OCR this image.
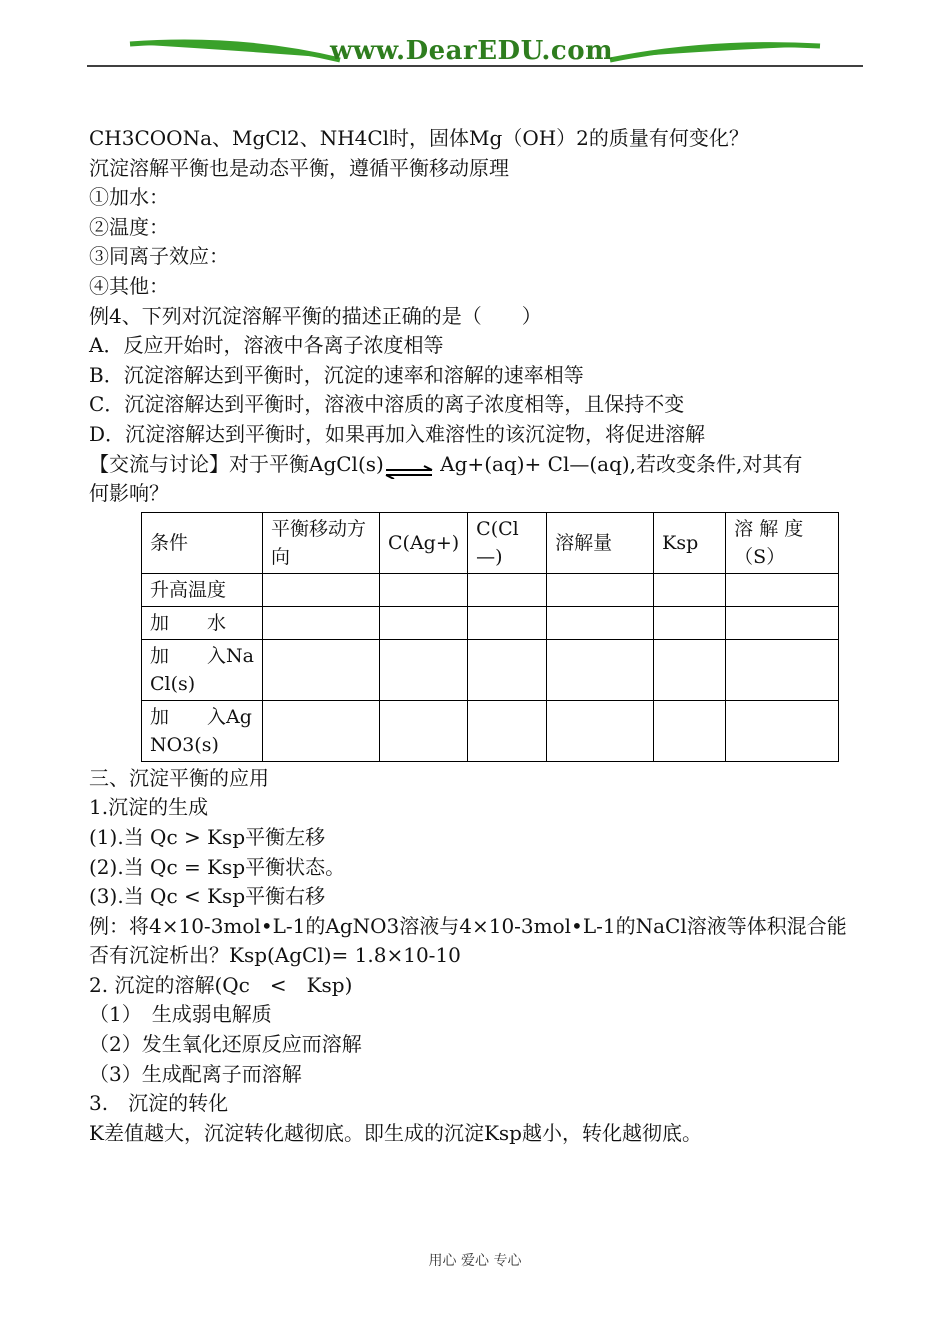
www.DearEDU.com
CH3COONa、MgCl2、NH4Cl时，固体Mg（OH）2的质量有何变化？
沉淀溶解平衡也是动态平衡，遵循平衡移动原理
①加水：
②温度：
③同离子效应：
④其他：
例4、下列对沉淀溶解平衡的描述正确的是（　　）
A．反应开始时，溶液中各离子浓度相等
B．沉淀溶解达到平衡时，沉淀的速率和溶解的速率相等
C．沉淀溶解达到平衡时，溶液中溶质的离子浓度相等，且保持不变
D．沉淀溶解达到平衡时，如果再加入难溶性的该沉淀物，将促进溶解
【交流与讨论】对于平衡AgCl(s)⇌ Ag+(aq)+ Cl—(aq),若改变条件,对其有
何影响？
条件	平衡移动方向	C(Ag+)	C(Cl—)	溶解量	Ksp	溶 解 度（S）
升高温度						
加　　水						
加　　入NaCl(s)						
加　　入AgNO3(s)						
三、沉淀平衡的应用
1.沉淀的生成
(1).当 Qc > Ksp平衡左移
(2).当 Qc = Ksp平衡状态。
(3).当 Qc < Ksp平衡右移
例：将4×10-3mol•L-1的AgNO3溶液与4×10-3mol•L-1的NaCl溶液等体积混合能
否有沉淀析出？Ksp(AgCl)= 1.8×10-10
2. 沉淀的溶解(Qc　<　Ksp)
（1）　生成弱电解质
（2）发生氧化还原反应而溶解
（3）生成配离子而溶解
3.　沉淀的转化
K差值越大，沉淀转化越彻底。即生成的沉淀Ksp越小，转化越彻底。
用心 爱心 专心
